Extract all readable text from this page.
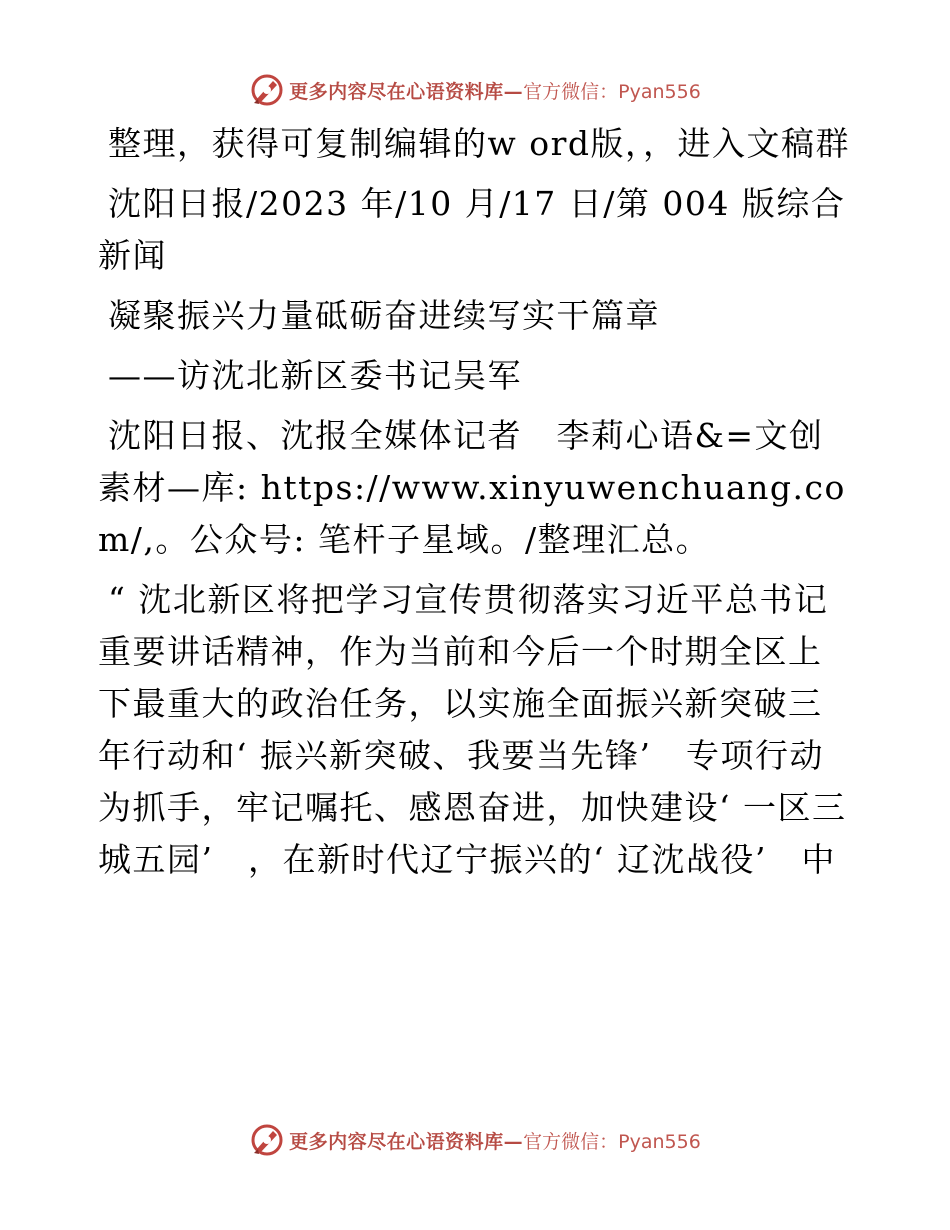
更多内容尽在心语资料库— 官方微信：Pyan556

整理，获得可复制编辑的w ord版，，进入文稿群

沈阳日报/2023 年/10 月/17 日/第 004 版综合新闻

凝聚振兴力量砥砺奋进续写实干篇章

——访沈北新区委书记吴军

沈阳日报、沈报全媒体记者　李莉心语&=文创素材—库: https://www.xinyuwenchuang.com/,。公众号: 笔杆子星域。/整理汇总。

“ 沈北新区将把学习宣传贯彻落实习近平总书记重要讲话精神，作为当前和今后一个时期全区上下最重大的政治任务，以实施全面振兴新突破三年行动和‘ 振兴新突破、我要当先锋’　专项行动为抓手，牢记嘱托、感恩奋进，加快建设‘ 一区三城五园’　，在新时代辽宁振兴的‘ 辽沈战役’　中

更多内容尽在心语资料库— 官方微信：Pyan556
